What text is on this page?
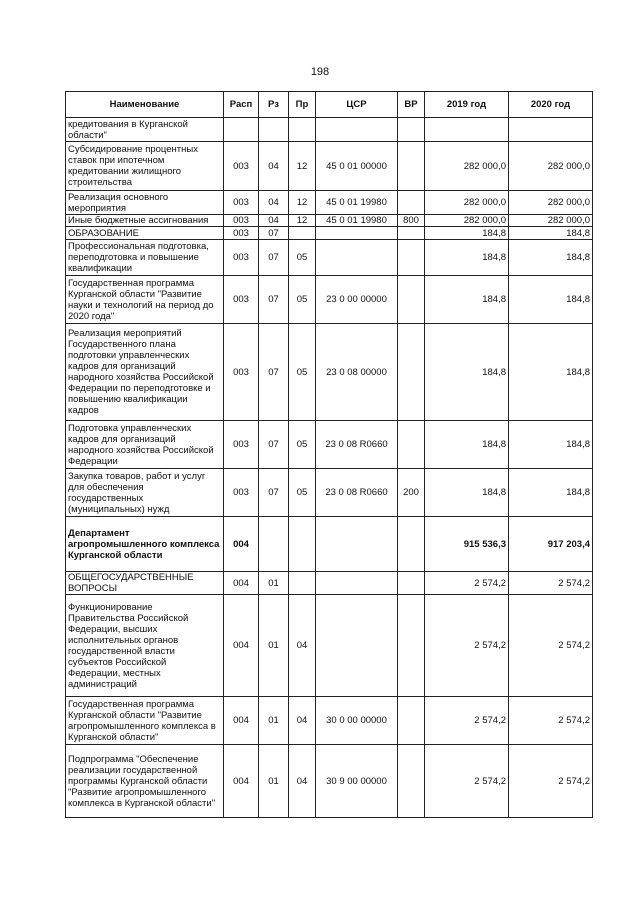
198
Наименование	Расп	Рз	Пр	ЦСР	ВР	2019 год	2020 год
кредитования в Курганской области"							
Субсидирование процентных ставок при ипотечном кредитовании жилищного строительства	003	04	12	45 0 01 00000		282 000,0	282 000,0
Реализация основного мероприятия	003	04	12	45 0 01 19980		282 000,0	282 000,0
Иные бюджетные ассигнования	003	04	12	45 0 01 19980	800	282 000,0	282 000,0
ОБРАЗОВАНИЕ	003	07				184,8	184,8
Профессиональная подготовка, переподготовка и повышение квалификации	003	07	05			184,8	184,8
Государственная программа Курганской области "Развитие науки и технологий на период до 2020 года"	003	07	05	23 0 00 00000		184,8	184,8
Реализация мероприятий Государственного плана подготовки управленческих кадров для организаций народного хозяйства Российской Федерации по переподготовке и повышению квалификации кадров	003	07	05	23 0 08 00000		184,8	184,8
Подготовка управленческих кадров для организаций народного хозяйства Российской Федерации	003	07	05	23 0 08 R0660		184,8	184,8
Закупка товаров, работ и услуг для обеспечения государственных (муниципальных) нужд	003	07	05	23 0 08 R0660	200	184,8	184,8
Департамент агропромышленного комплекса Курганской области	004					915 536,3	917 203,4
ОБЩЕГОСУДАРСТВЕННЫЕ ВОПРОСЫ	004	01				2 574,2	2 574,2
Функционирование Правительства Российской Федерации, высших исполнительных органов государственной власти субъектов Российской Федерации, местных администраций	004	01	04			2 574,2	2 574,2
Государственная программа Курганской области "Развитие агропромышленного комплекса в Курганской области"	004	01	04	30 0 00 00000		2 574,2	2 574,2
Подпрограмма "Обеспечение реализации государственной программы Курганской области "Развитие агропромышленного комплекса в Курганской области"	004	01	04	30 9 00 00000		2 574,2	2 574,2
